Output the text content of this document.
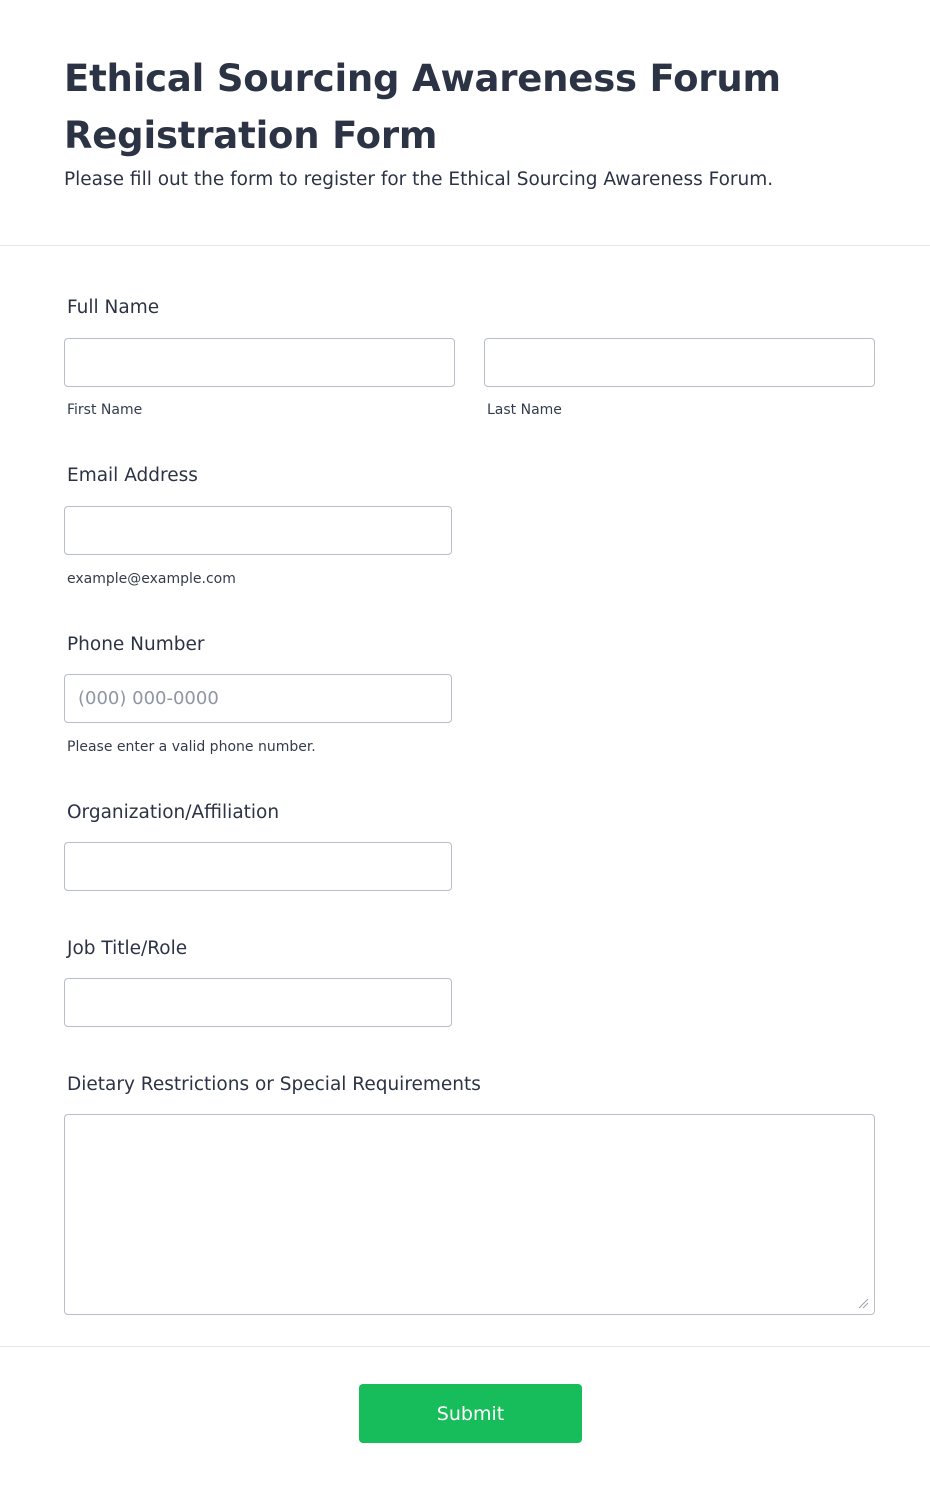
Ethical Sourcing Awareness Forum Registration Form

Please fill out the form to register for the Ethical Sourcing Awareness Forum.

Full Name
First Name	Last Name
Email Address
example@example.com
Phone Number
(000) 000-0000
Please enter a valid phone number.
Organization/Affiliation
Job Title/Role
Dietary Restrictions or Special Requirements
Submit
